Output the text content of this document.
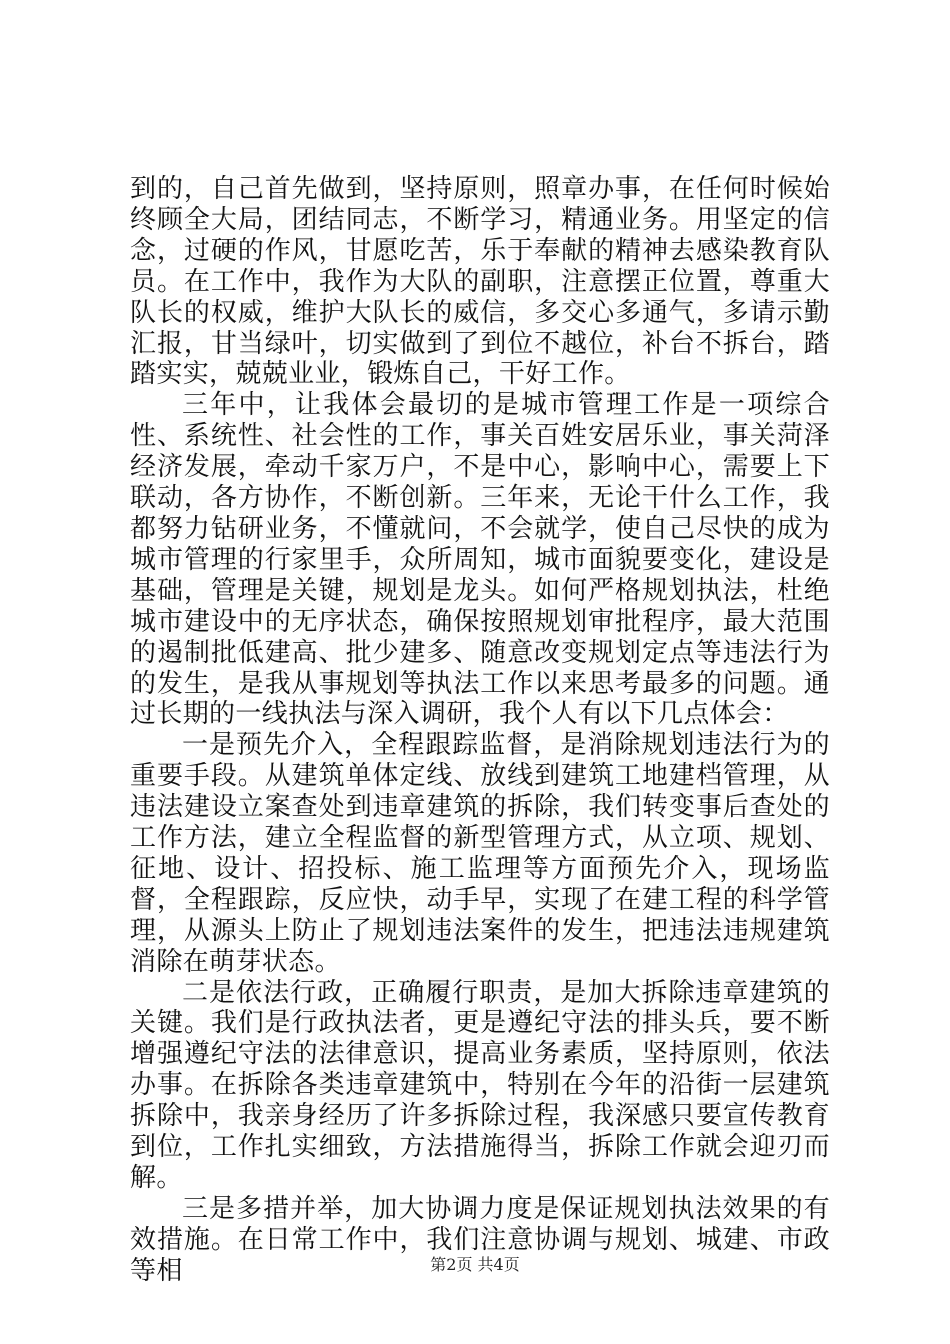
到的，自己首先做到，坚持原则，照章办事，在任何时候始终顾全大局，团结同志，不断学习，精通业务。用坚定的信念，过硬的作风，甘愿吃苦，乐于奉献的精神去感染教育队员。在工作中，我作为大队的副职，注意摆正位置，尊重大队长的权威，维护大队长的威信，多交心多通气，多请示勤汇报，甘当绿叶，切实做到了到位不越位，补台不拆台，踏踏实实，兢兢业业，锻炼自己，干好工作。

三年中，让我体会最切的是城市管理工作是一项综合性、系统性、社会性的工作，事关百姓安居乐业，事关菏泽经济发展，牵动千家万户，不是中心，影响中心，需要上下联动，各方协作，不断创新。三年来，无论干什么工作，我都努力钻研业务，不懂就问，不会就学，使自己尽快的成为城市管理的行家里手，众所周知，城市面貌要变化，建设是基础，管理是关键，规划是龙头。如何严格规划执法，杜绝城市建设中的无序状态，确保按照规划审批程序，最大范围的遏制批低建高、批少建多、随意改变规划定点等违法行为的发生，是我从事规划等执法工作以来思考最多的问题。通过长期的一线执法与深入调研，我个人有以下几点体会：

一是预先介入，全程跟踪监督，是消除规划违法行为的重要手段。从建筑单体定线、放线到建筑工地建档管理，从违法建设立案查处到违章建筑的拆除，我们转变事后查处的工作方法，建立全程监督的新型管理方式，从立项、规划、征地、设计、招投标、施工监理等方面预先介入，现场监督，全程跟踪，反应快，动手早，实现了在建工程的科学管理，从源头上防止了规划违法案件的发生，把违法违规建筑消除在萌芽状态。

二是依法行政，正确履行职责，是加大拆除违章建筑的关键。我们是行政执法者，更是遵纪守法的排头兵，要不断增强遵纪守法的法律意识，提高业务素质，坚持原则，依法办事。在拆除各类违章建筑中，特别在今年的沿街一层建筑拆除中，我亲身经历了许多拆除过程，我深感只要宣传教育到位，工作扎实细致，方法措施得当，拆除工作就会迎刃而解。

三是多措并举，加大协调力度是保证规划执法效果的有效措施。在日常工作中，我们注意协调与规划、城建、市政等相	第2页 共4页
